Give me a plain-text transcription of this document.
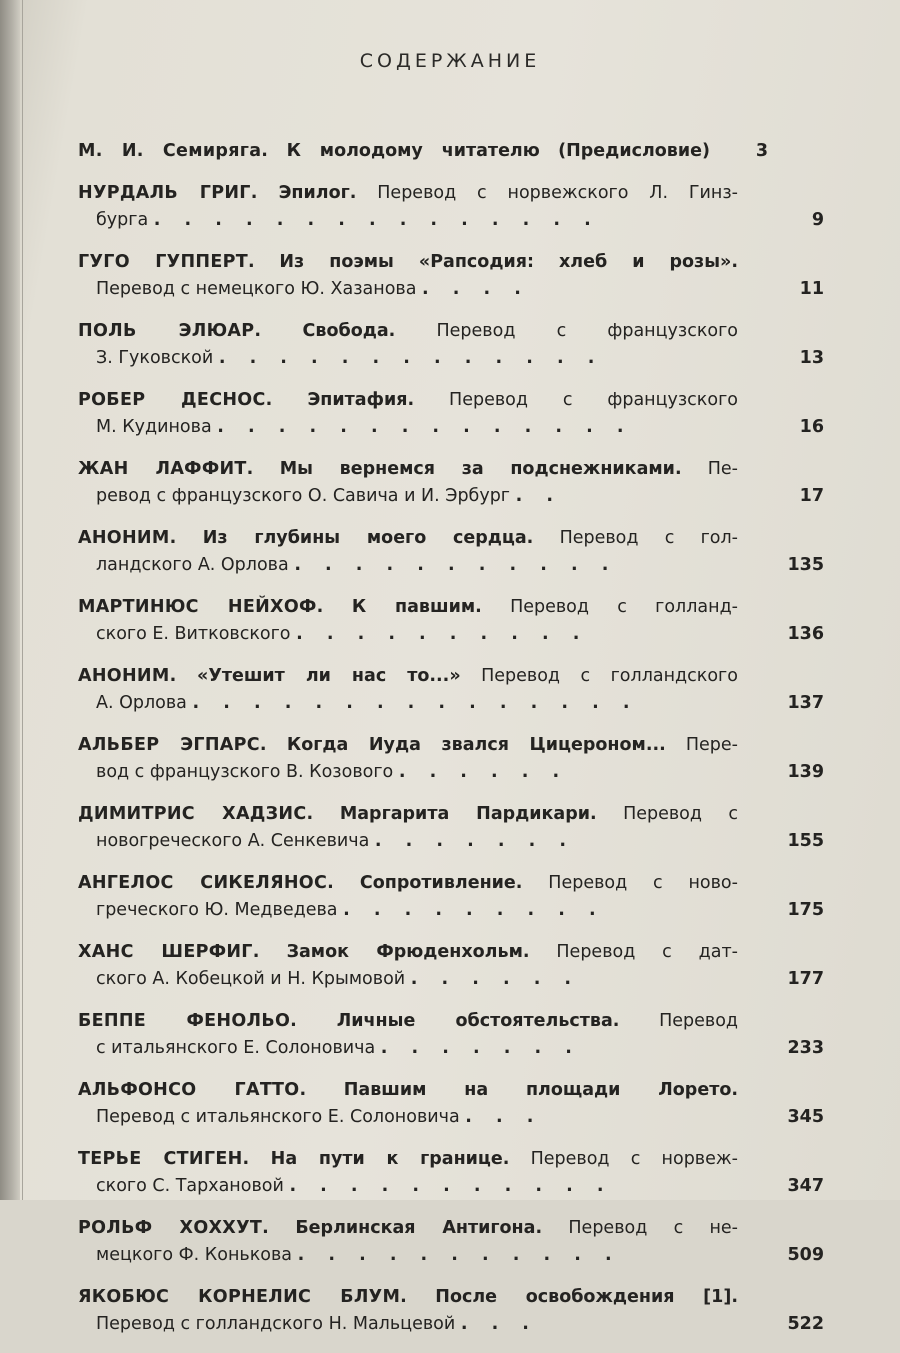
СОДЕРЖАНИЕ
М. И. Семиряга. К молодому читателю (Предисловие)	3
НУРДАЛЬ ГРИГ. Эпилог. Перевод с норвежского Л. Гинз-
бурга . . . . . . . . . . . . . . .	9
ГУГО ГУППЕРТ. Из поэмы «Рапсодия: хлеб и розы».
Перевод с немецкого Ю. Хазанова . . . .	11
ПОЛЬ ЭЛЮАР. Свобода. Перевод с французского
З. Гуковской . . . . . . . . . . . . .	13
РОБЕР ДЕСНОС. Эпитафия. Перевод с французского
М. Кудинова . . . . . . . . . . . . . .	16
ЖАН ЛАФФИТ. Мы вернемся за подснежниками. Пе-
ревод с французского О. Савича и И. Эрбург . .	17
АНОНИМ. Из глубины моего сердца. Перевод с гол-
ландского А. Орлова . . . . . . . . . . .	135
МАРТИНЮС НЕЙХОФ. К павшим. Перевод с голланд-
ского Е. Витковского . . . . . . . . . .	136
АНОНИМ. «Утешит ли нас то...» Перевод с голландского
А. Орлова . . . . . . . . . . . . . . .	137
АЛЬБЕР ЭГПАРС. Когда Иуда звался Цицероном... Пере-
вод с французского В. Козового . . . . . .	139
ДИМИТРИС ХАДЗИС. Маргарита Пардикари. Перевод с
новогреческого А. Сенкевича . . . . . . .	155
АНГЕЛОС СИКЕЛЯНОС. Сопротивление. Перевод с ново-
греческого Ю. Медведева . . . . . . . . .	175
ХАНС ШЕРФИГ. Замок Фрюденхольм. Перевод с дат-
ского А. Кобецкой и Н. Крымовой . . . . . .	177
БЕППЕ ФЕНОЛЬО. Личные обстоятельства. Перевод
с итальянского Е. Солоновича . . . . . . .	233
АЛЬФОНСО ГАТТО. Павшим на площади Лорето.
Перевод с итальянского Е. Солоновича . . .	345
ТЕРЬЕ СТИГЕН. На пути к границе. Перевод с норвеж-
ского С. Тархановой . . . . . . . . . . .	347
РОЛЬФ ХОХХУТ. Берлинская Антигона. Перевод с не-
мецкого Ф. Конькова . . . . . . . . . . .	509
ЯКОБЮС КОРНЕЛИС БЛУМ. После освобождения [1].
Перевод с голландского Н. Мальцевой . . .	522
